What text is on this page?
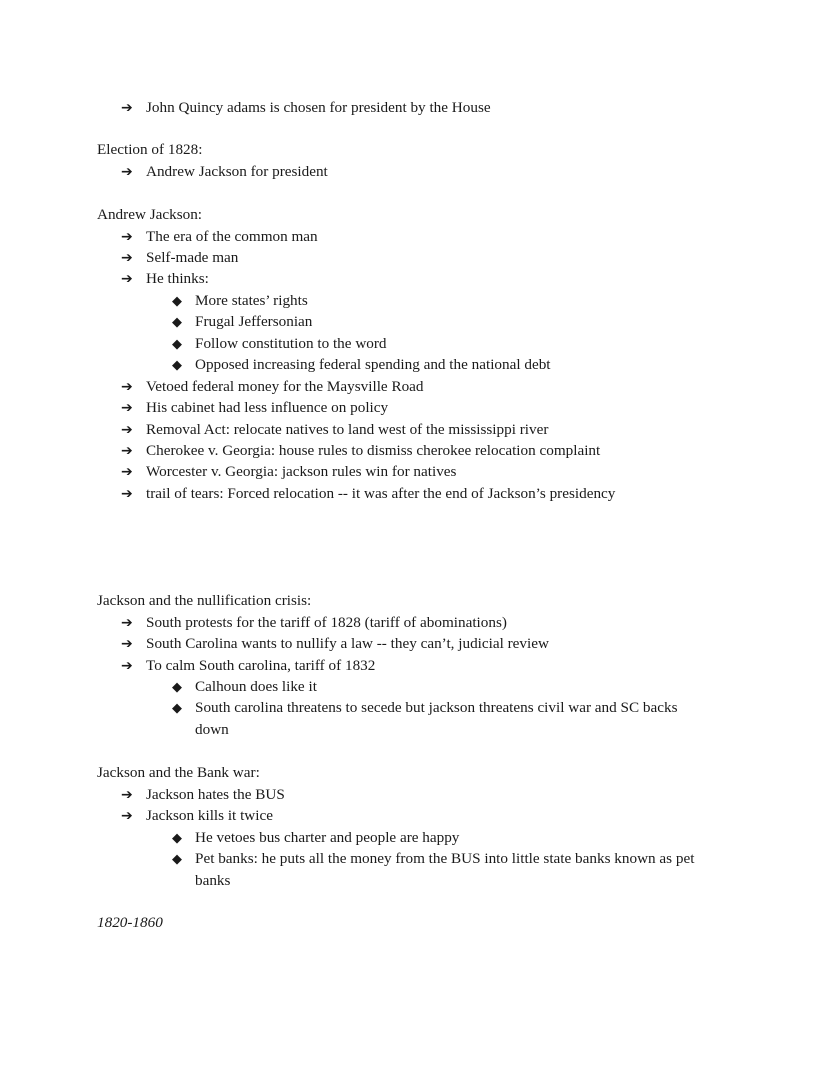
➔ John Quincy adams is chosen for president by the House
Election of 1828:
➔ Andrew Jackson for president
Andrew Jackson:
➔ The era of the common man
➔ Self-made man
➔ He thinks:
◆ More states’ rights
◆ Frugal Jeffersonian
◆ Follow constitution to the word
◆ Opposed increasing federal spending and the national debt
➔ Vetoed federal money for the Maysville Road
➔ His cabinet had less influence on policy
➔ Removal Act: relocate natives to land west of the mississippi river
➔ Cherokee v. Georgia: house rules to dismiss cherokee relocation complaint
➔ Worcester v. Georgia: jackson rules win for natives
➔ trail of tears: Forced relocation -- it was after the end of Jackson’s presidency
Jackson and the nullification crisis:
➔ South protests for the tariff of 1828 (tariff of abominations)
➔ South Carolina wants to nullify a law -- they can’t, judicial review
➔ To calm South carolina, tariff of 1832
◆ Calhoun does like it
◆ South carolina threatens to secede but jackson threatens civil war and SC backs
down
Jackson and the Bank war:
➔ Jackson hates the BUS
➔ Jackson kills it twice
◆ He vetoes bus charter and people are happy
◆ Pet banks: he puts all the money from the BUS into little state banks known as pet
banks
1820-1860
